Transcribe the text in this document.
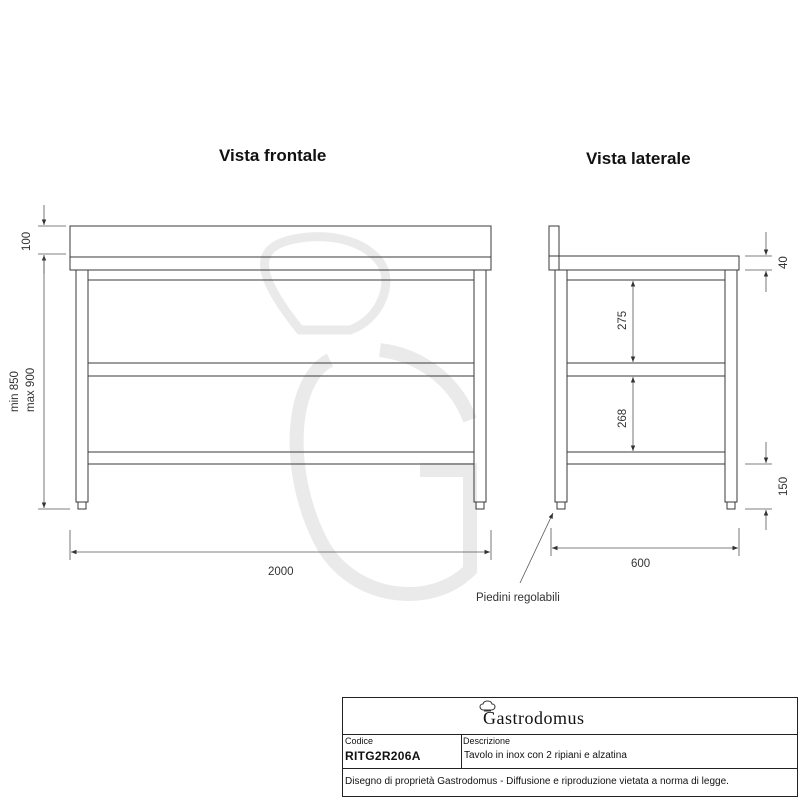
100
min 850 max 900
2000
275
268
40
150
600
Piedini regolabili
Vista frontale	Vista laterale
Gastrodomus
Codice
RITG2R206A
Descrizione
Tavolo in inox con 2 ripiani e alzatina
Disegno di proprietà Gastrodomus - Diffusione e riproduzione vietata a norma di legge.
